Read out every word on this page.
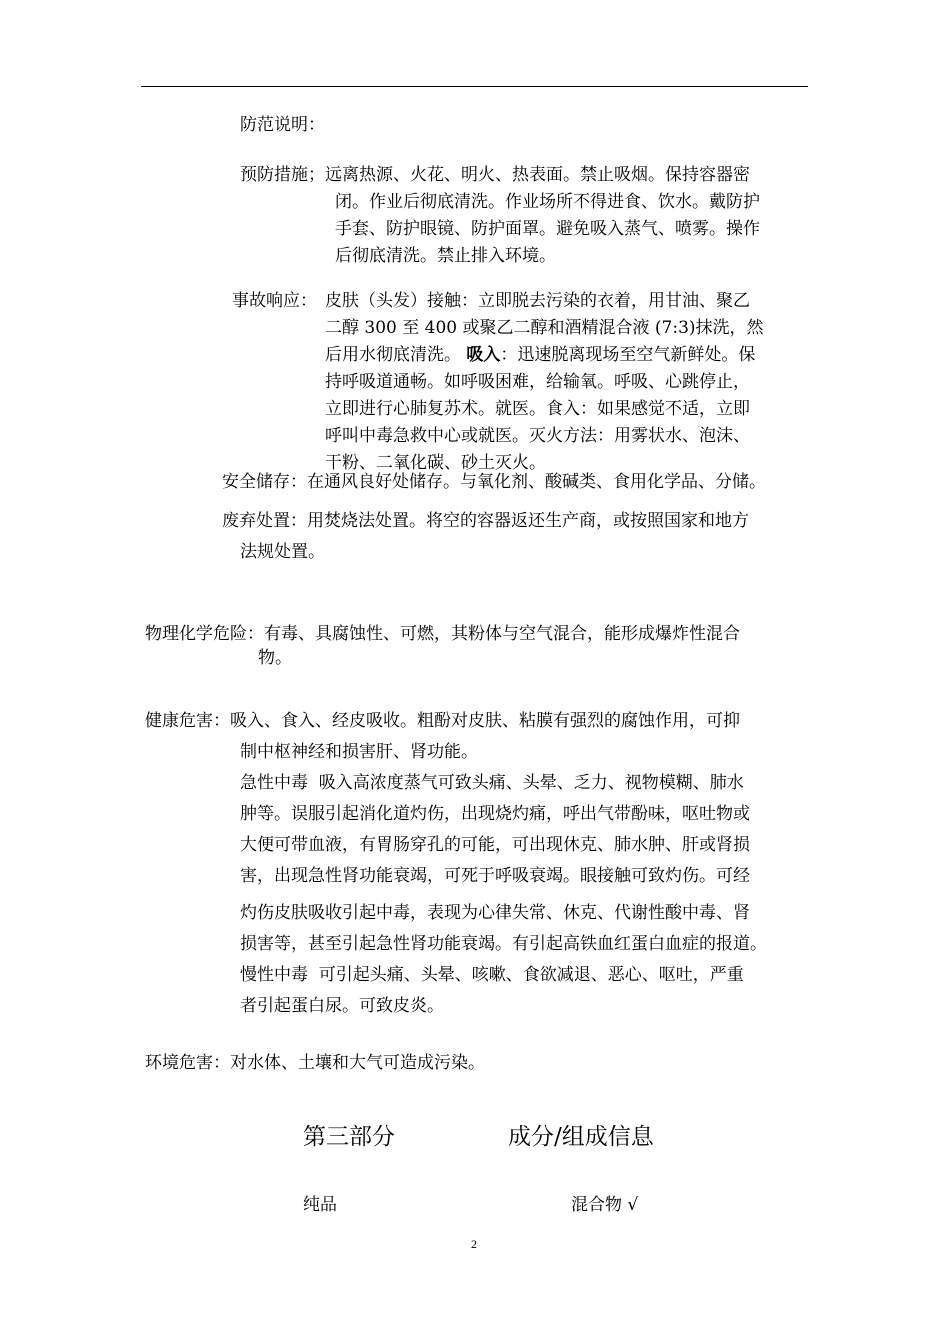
防范说明：
预防措施； 远离热源、火花、明火、热表面。禁止吸烟。保持容器密
闭。作业后彻底清洗。作业场所不得进食、饮水。戴防护
手套、防护眼镜、防护面罩。避免吸入蒸气、喷雾。操作
后彻底清洗。禁止排入环境。
事故响应： 皮肤（头发）接触：立即脱去污染的衣着，用甘油、聚乙
二醇 300 至 400 或聚乙二醇和酒精混合液 (7:3)抹洗，然
后用水彻底清洗。 吸入：迅速脱离现场至空气新鲜处。保
持呼吸道通畅。如呼吸困难，给输氧。呼吸、心跳停止，
立即进行心肺复苏术。就医。食入：如果感觉不适，立即
呼叫中毒急救中心或就医。灭火方法：用雾状水、泡沫、
干粉、二氧化碳、砂土灭火。
安全储存：在通风良好处储存。与氧化剂、酸碱类、食用化学品、分储。
废弃处置：用焚烧法处置。将空的容器返还生产商，或按照国家和地方
法规处置。
物理化学危险：有毒、具腐蚀性、可燃，其粉体与空气混合，能形成爆炸性混合
物。
健康危害：吸入、食入、经皮吸收。粗酚对皮肤、粘膜有强烈的腐蚀作用，可抑
制中枢神经和损害肝、肾功能。
急性中毒  吸入高浓度蒸气可致头痛、头晕、乏力、视物模糊、肺水
肿等。误服引起消化道灼伤，出现烧灼痛，呼出气带酚味，呕吐物或
大便可带血液，有胃肠穿孔的可能，可出现休克、肺水肿、肝或肾损
害，出现急性肾功能衰竭，可死于呼吸衰竭。眼接触可致灼伤。可经
灼伤皮肤吸收引起中毒，表现为心律失常、休克、代谢性酸中毒、肾
损害等，甚至引起急性肾功能衰竭。有引起高铁血红蛋白血症的报道。
慢性中毒  可引起头痛、头晕、咳嗽、食欲减退、恶心、呕吐，严重
者引起蛋白尿。可致皮炎。
环境危害：对水体、土壤和大气可造成污染。
第三部分	成分/组成信息
纯品	混合物 √
2
